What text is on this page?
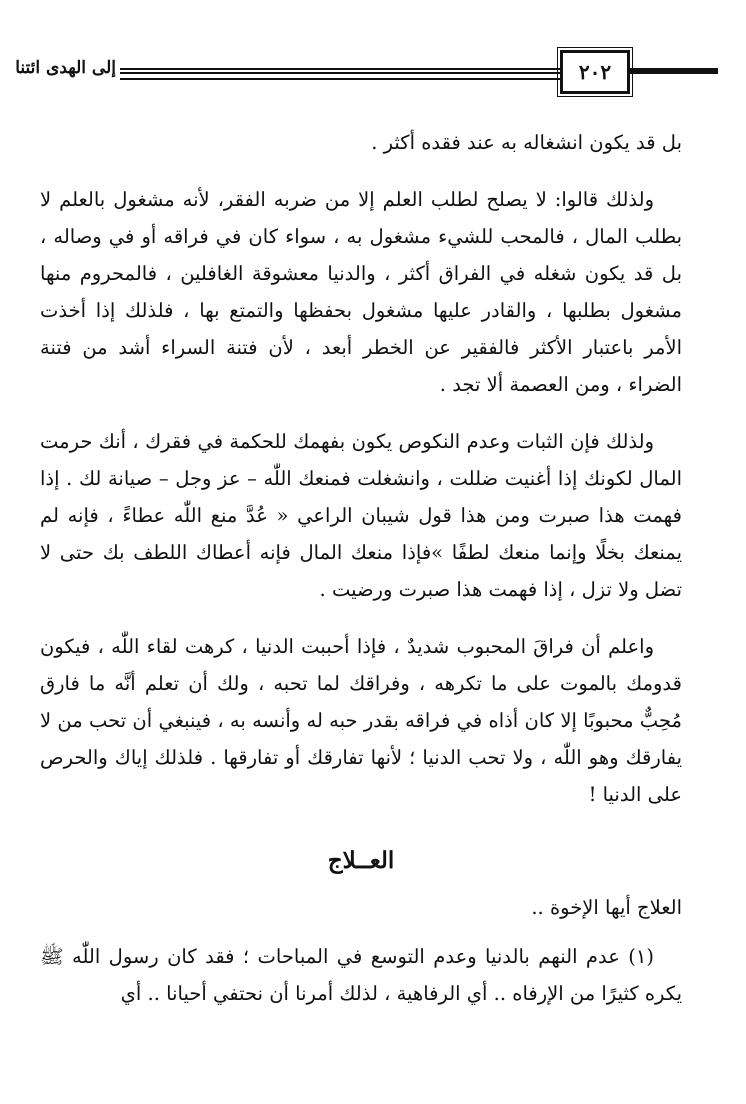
٢٠٢
إلى الهدى ائتنا

بل قد يكون انشغاله به عند فقده أكثر .

ولذلك قالوا: لا يصلح لطلب العلم إلا من ضربه الفقر، لأنه مشغول بالعلم لا بطلب المال ، فالمحب للشيء مشغول به ، سواء كان في فراقه أو في وصاله ، بل قد يكون شغله في الفراق أكثر ، والدنيا معشوقة الغافلين ، فالمحروم منها مشغول بطلبها ، والقادر عليها مشغول بحفظها والتمتع بها ، فلذلك إذا أخذت الأمر باعتبار الأكثر فالفقير عن الخطر أبعد ، لأن فتنة السراء أشد من فتنة الضراء ، ومن العصمة ألا تجد .

ولذلك فإن الثبات وعدم النكوص يكون بفهمك للحكمة في فقرك ، أنك حرمت المال لكونك إذا أغنيت ضللت ، وانشغلت فمنعك اللّٰه – عز وجل – صيانة لك . إذا فهمت هذا صبرت ومن هذا قول شيبان الراعي « عُدَّ منع اللّٰه عطاءً ، فإنه لم يمنعك بخلًا وإنما منعك لطفًا »فإذا منعك المال فإنه أعطاك اللطف بك حتى لا تضل ولا تزل ، إذا فهمت هذا صبرت ورضيت .

واعلم أن فراقَ المحبوب شديدٌ ، فإذا أحببت الدنيا ، كرهت لقاء اللّٰه ، فيكون قدومك بالموت على ما تكرهه ، وفراقك لما تحبه ، ولك أن تعلم أنَّه ما فارق مُحِبٌّ محبوبًا إلا كان أذاه في فراقه بقدر حبه له وأنسه به ، فينبغي أن تحب من لا يفارقك وهو اللّٰه ، ولا تحب الدنيا ؛ لأنها تفارقك أو تفارقها . فلذلك إياك والحرص على الدنيا !

العــلاج

العلاج أيها الإخوة ..

(١) عدم النهم بالدنيا وعدم التوسع في المباحات ؛ فقد كان رسول اللّٰه ﷺ يكره كثيرًا من الإرفاه .. أي الرفاهية ، لذلك أمرنا أن نحتفي أحيانا .. أي
